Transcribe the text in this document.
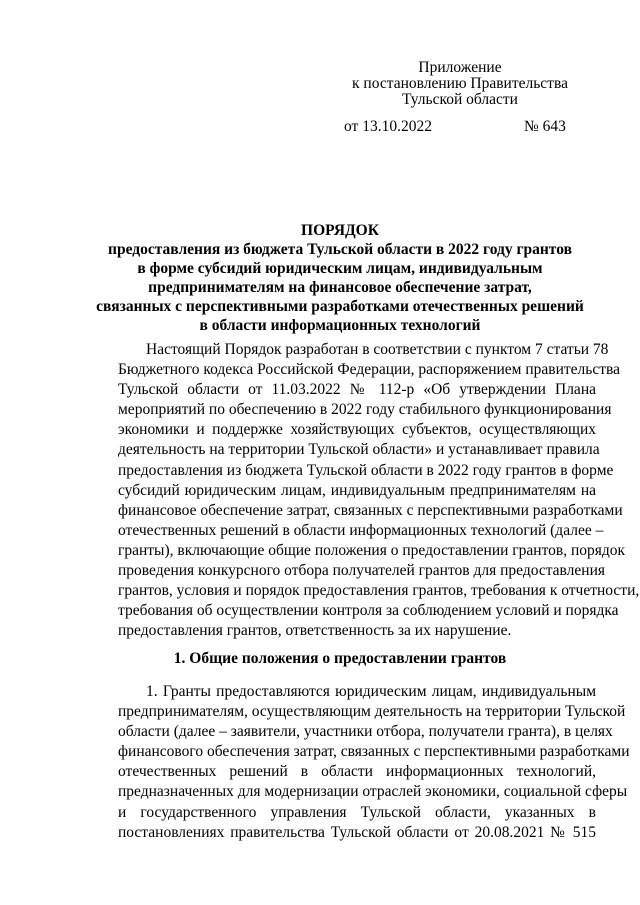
Приложение
к постановлению Правительства
Тульской области
от 13.10.2022	№ 643
ПОРЯДОК
предоставления из бюджета Тульской области в 2022 году грантов
в форме субсидий юридическим лицам, индивидуальным
предпринимателям на финансовое обеспечение затрат,
связанных с перспективными разработками отечественных решений
в области информационных технологий
Настоящий Порядок разработан в соответствии с пунктом 7 статьи 78
Бюджетного кодекса Российской Федерации, распоряжением правительства
Тульской области от 11.03.2022 № 112-р «Об утверждении Плана
мероприятий по обеспечению в 2022 году стабильного функционирования
экономики и поддержке хозяйствующих субъектов, осуществляющих
деятельность на территории Тульской области» и устанавливает правила
предоставления из бюджета Тульской области в 2022 году грантов в форме
субсидий юридическим лицам, индивидуальным предпринимателям на
финансовое обеспечение затрат, связанных с перспективными разработками
отечественных решений в области информационных технологий (далее –
гранты), включающие общие положения о предоставлении грантов, порядок
проведения конкурсного отбора получателей грантов для предоставления
грантов, условия и порядок предоставления грантов, требования к отчетности,
требования об осуществлении контроля за соблюдением условий и порядка
предоставления грантов, ответственность за их нарушение.
1. Общие положения о предоставлении грантов
1. Гранты предоставляются юридическим лицам, индивидуальным
предпринимателям, осуществляющим деятельность на территории Тульской
области (далее – заявители, участники отбора, получатели гранта), в целях
финансового обеспечения затрат, связанных с перспективными разработками
отечественных решений в области информационных технологий,
предназначенных для модернизации отраслей экономики, социальной сферы
и государственного управления Тульской области, указанных в
постановлениях правительства Тульской области от 20.08.2021 № 515
